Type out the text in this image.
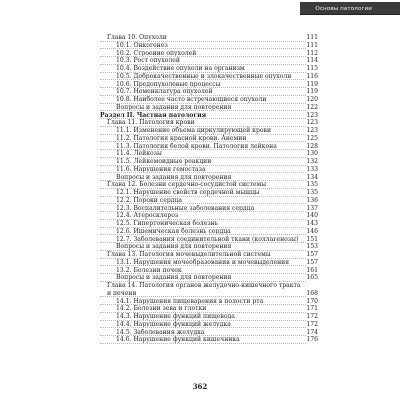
Основы патологии
Глава 10. Опухоли	111
10.1. Онкогенез	111
10.2. Строение опухолей	112
10.3. Рост опухолей	114
10.4. Воздействие опухоли на организм	115
10.5. Доброкачественные и злокачественные опухоли	116
10.6. Предопухолевые процессы	119
10.7. Номенклатура опухолей	119
10.8. Наиболее часто встречающиеся опухоли	120
Вопросы и задания для повторения	122
Раздел II. Частная патология	123
Глава 11. Патология крови	123
11.1. Изменение объема циркулирующей крови	123
11.2. Патология красной крови. Анемии	125
11.3. Патология белой крови. Патология лейкона	128
11.4. Лейкозы	130
11.5. Лейкемоидные реакции	132
11.6. Нарушения гемостаза	133
Вопросы и задания для повторения	134
Глава 12. Болезни сердечно-сосудистой системы	135
12.1. Нарушение свойств сердечной мышцы	135
12.2. Пороки сердца	136
12.3. Воспалительные заболевания сердца	137
12.4. Атеросклероз	140
12.5. Гипертоническая болезнь	143
12.6. Ишемическая болезнь сердца	146
12.7. Заболевания соединительной ткани (коллагенозы)	151
Вопросы и задания для повторения	153
Глава 13. Патология мочевыделительной системы	157
13.1. Нарушения мочеобразования и мочевыделения	157
13.2. Болезни почек	161
Вопросы и задания для повторения	165
Глава 14. Патология органов желудочно-кишечного тракта
и печени	168
14.1. Нарушения пищеварения в полости рта	170
14.2. Болезни зева и глотки	171
14.3. Нарушение функций пищевода	172
14.4. Нарушение функций желудка	172
14.5. Заболевания желудка	174
14.6. Нарушение функций кишечника	176
362
